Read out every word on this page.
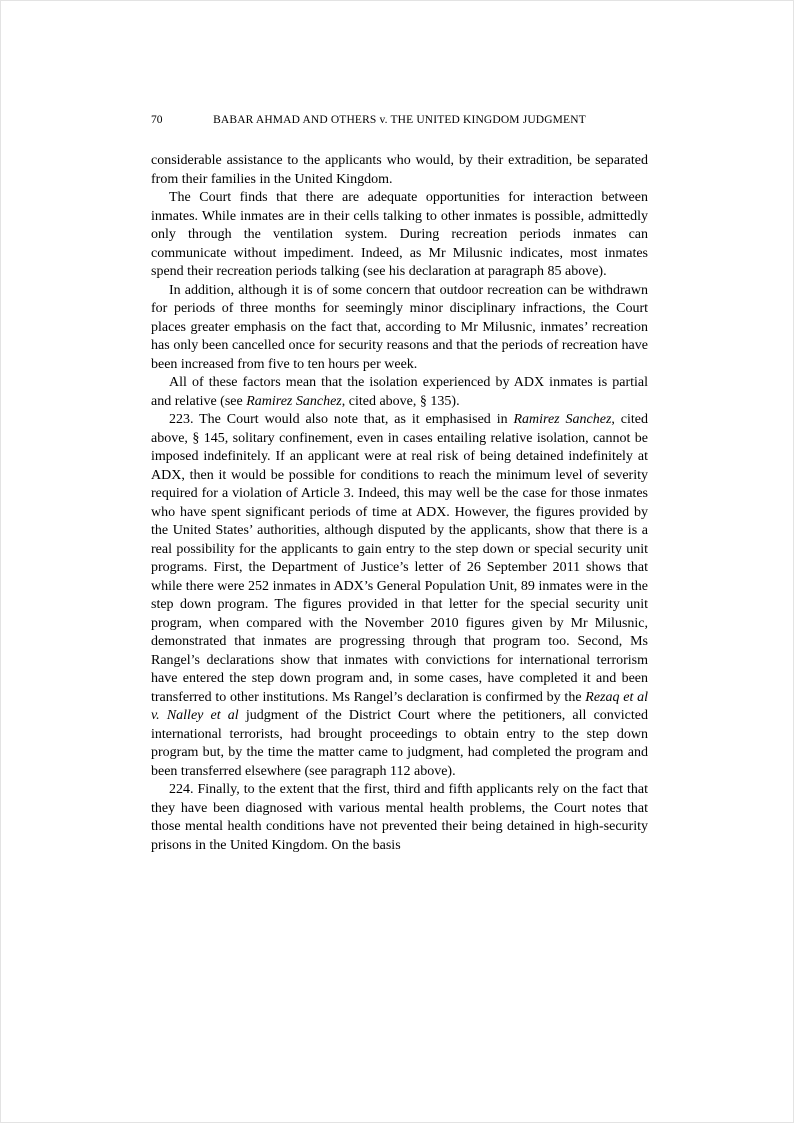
70	BABAR AHMAD AND OTHERS v. THE UNITED KINGDOM JUDGMENT

considerable assistance to the applicants who would, by their extradition, be separated from their families in the United Kingdom.

The Court finds that there are adequate opportunities for interaction between inmates. While inmates are in their cells talking to other inmates is possible, admittedly only through the ventilation system. During recreation periods inmates can communicate without impediment. Indeed, as Mr Milusnic indicates, most inmates spend their recreation periods talking (see his declaration at paragraph 85 above).

In addition, although it is of some concern that outdoor recreation can be withdrawn for periods of three months for seemingly minor disciplinary infractions, the Court places greater emphasis on the fact that, according to Mr Milusnic, inmates’ recreation has only been cancelled once for security reasons and that the periods of recreation have been increased from five to ten hours per week.

All of these factors mean that the isolation experienced by ADX inmates is partial and relative (see Ramirez Sanchez, cited above, § 135).

223. The Court would also note that, as it emphasised in Ramirez Sanchez, cited above, § 145, solitary confinement, even in cases entailing relative isolation, cannot be imposed indefinitely. If an applicant were at real risk of being detained indefinitely at ADX, then it would be possible for conditions to reach the minimum level of severity required for a violation of Article 3. Indeed, this may well be the case for those inmates who have spent significant periods of time at ADX. However, the figures provided by the United States’ authorities, although disputed by the applicants, show that there is a real possibility for the applicants to gain entry to the step down or special security unit programs. First, the Department of Justice’s letter of 26 September 2011 shows that while there were 252 inmates in ADX’s General Population Unit, 89 inmates were in the step down program. The figures provided in that letter for the special security unit program, when compared with the November 2010 figures given by Mr Milusnic, demonstrated that inmates are progressing through that program too. Second, Ms Rangel’s declarations show that inmates with convictions for international terrorism have entered the step down program and, in some cases, have completed it and been transferred to other institutions. Ms Rangel’s declaration is confirmed by the Rezaq et al v. Nalley et al judgment of the District Court where the petitioners, all convicted international terrorists, had brought proceedings to obtain entry to the step down program but, by the time the matter came to judgment, had completed the program and been transferred elsewhere (see paragraph 112 above).

224. Finally, to the extent that the first, third and fifth applicants rely on the fact that they have been diagnosed with various mental health problems, the Court notes that those mental health conditions have not prevented their being detained in high-security prisons in the United Kingdom. On the basis
